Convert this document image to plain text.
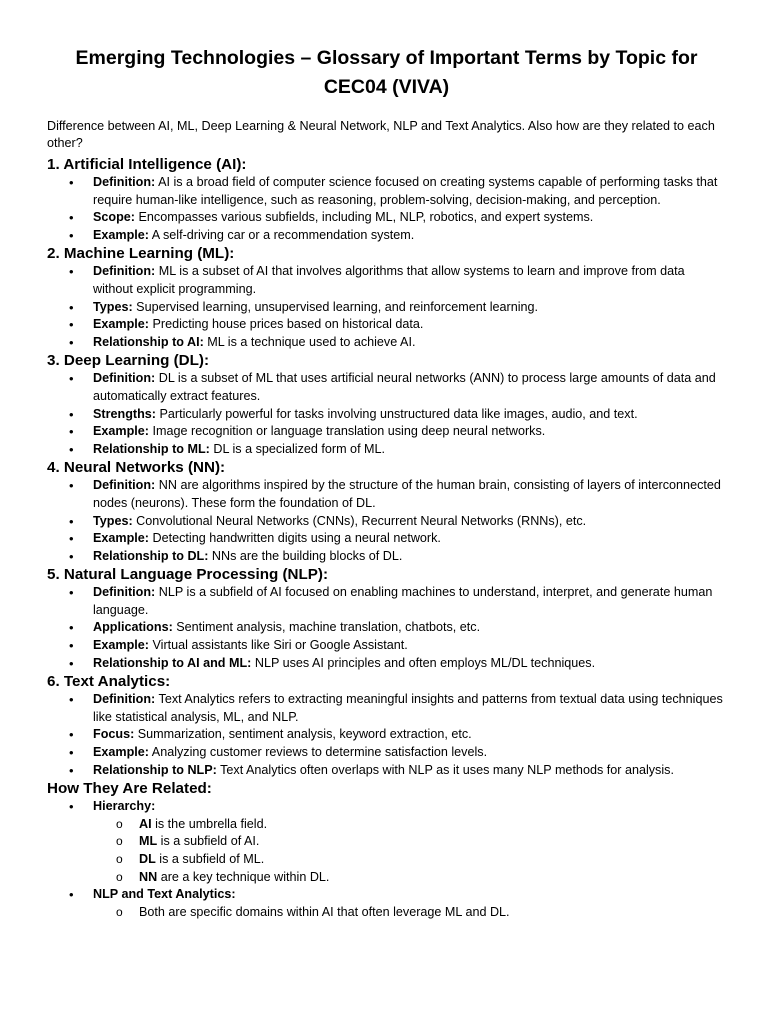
Emerging Technologies – Glossary of Important Terms by Topic for CEC04 (VIVA)
Difference between AI, ML, Deep Learning & Neural Network, NLP and Text Analytics. Also how are they related to each other?
1. Artificial Intelligence (AI):
• Definition: AI is a broad field of computer science focused on creating systems capable of performing tasks that require human-like intelligence, such as reasoning, problem-solving, decision-making, and perception.
• Scope: Encompasses various subfields, including ML, NLP, robotics, and expert systems.
• Example: A self-driving car or a recommendation system.
2. Machine Learning (ML):
• Definition: ML is a subset of AI that involves algorithms that allow systems to learn and improve from data without explicit programming.
• Types: Supervised learning, unsupervised learning, and reinforcement learning.
• Example: Predicting house prices based on historical data.
• Relationship to AI: ML is a technique used to achieve AI.
3. Deep Learning (DL):
• Definition: DL is a subset of ML that uses artificial neural networks (ANN) to process large amounts of data and automatically extract features.
• Strengths: Particularly powerful for tasks involving unstructured data like images, audio, and text.
• Example: Image recognition or language translation using deep neural networks.
• Relationship to ML: DL is a specialized form of ML.
4. Neural Networks (NN):
• Definition: NN are algorithms inspired by the structure of the human brain, consisting of layers of interconnected nodes (neurons). These form the foundation of DL.
• Types: Convolutional Neural Networks (CNNs), Recurrent Neural Networks (RNNs), etc.
• Example: Detecting handwritten digits using a neural network.
• Relationship to DL: NNs are the building blocks of DL.
5. Natural Language Processing (NLP):
• Definition: NLP is a subfield of AI focused on enabling machines to understand, interpret, and generate human language.
• Applications: Sentiment analysis, machine translation, chatbots, etc.
• Example: Virtual assistants like Siri or Google Assistant.
• Relationship to AI and ML: NLP uses AI principles and often employs ML/DL techniques.
6. Text Analytics:
• Definition: Text Analytics refers to extracting meaningful insights and patterns from textual data using techniques like statistical analysis, ML, and NLP.
• Focus: Summarization, sentiment analysis, keyword extraction, etc.
• Example: Analyzing customer reviews to determine satisfaction levels.
• Relationship to NLP: Text Analytics often overlaps with NLP as it uses many NLP methods for analysis.
How They Are Related:
• Hierarchy:
o AI is the umbrella field.
o ML is a subfield of AI.
o DL is a subfield of ML.
o NN are a key technique within DL.
• NLP and Text Analytics:
o Both are specific domains within AI that often leverage ML and DL.
